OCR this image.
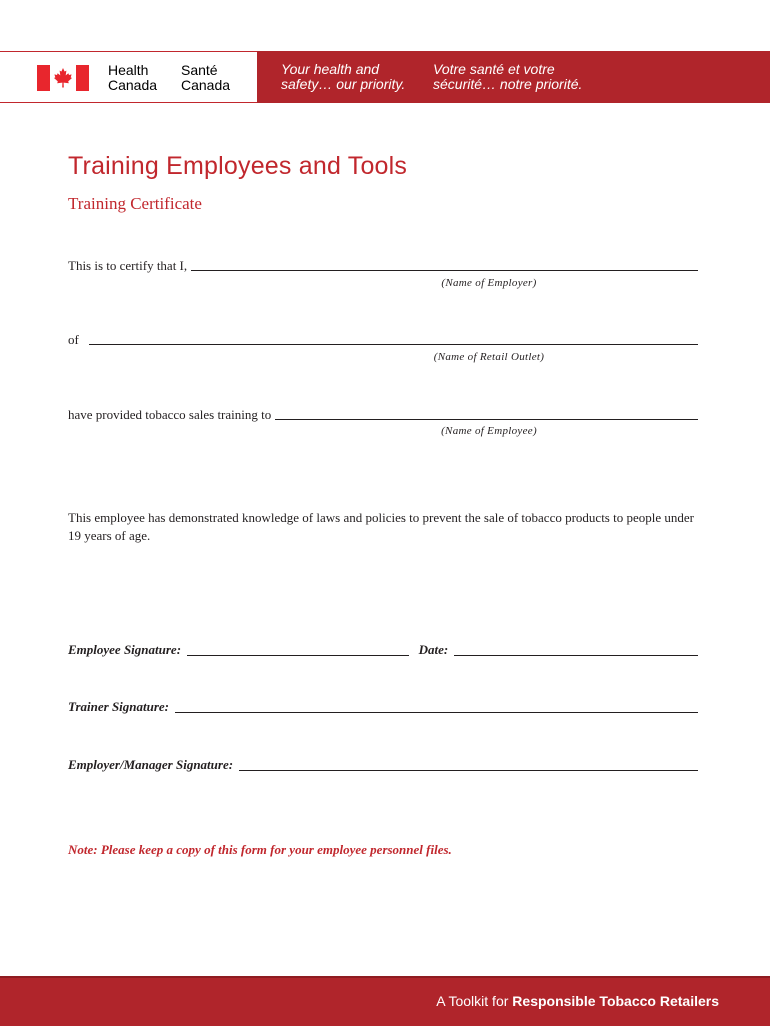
Health
Canada
Santé
Canada
Your health and
safety… our priority.
Votre santé et votre
sécurité… notre priorité.
Training Employees and Tools
Training Certificate
This is to certify that I,
(Name of Employer)
of
(Name of Retail Outlet)
have provided tobacco sales training to
(Name of Employee)

This employee has demonstrated knowledge of laws and policies to prevent the sale of tobacco products to people under 19 years of age.

Employee Signature:	Date:
Trainer Signature:
Employer/Manager Signature:

Note: Please keep a copy of this form for your employee personnel files.

A Toolkit for Responsible Tobacco Retailers
